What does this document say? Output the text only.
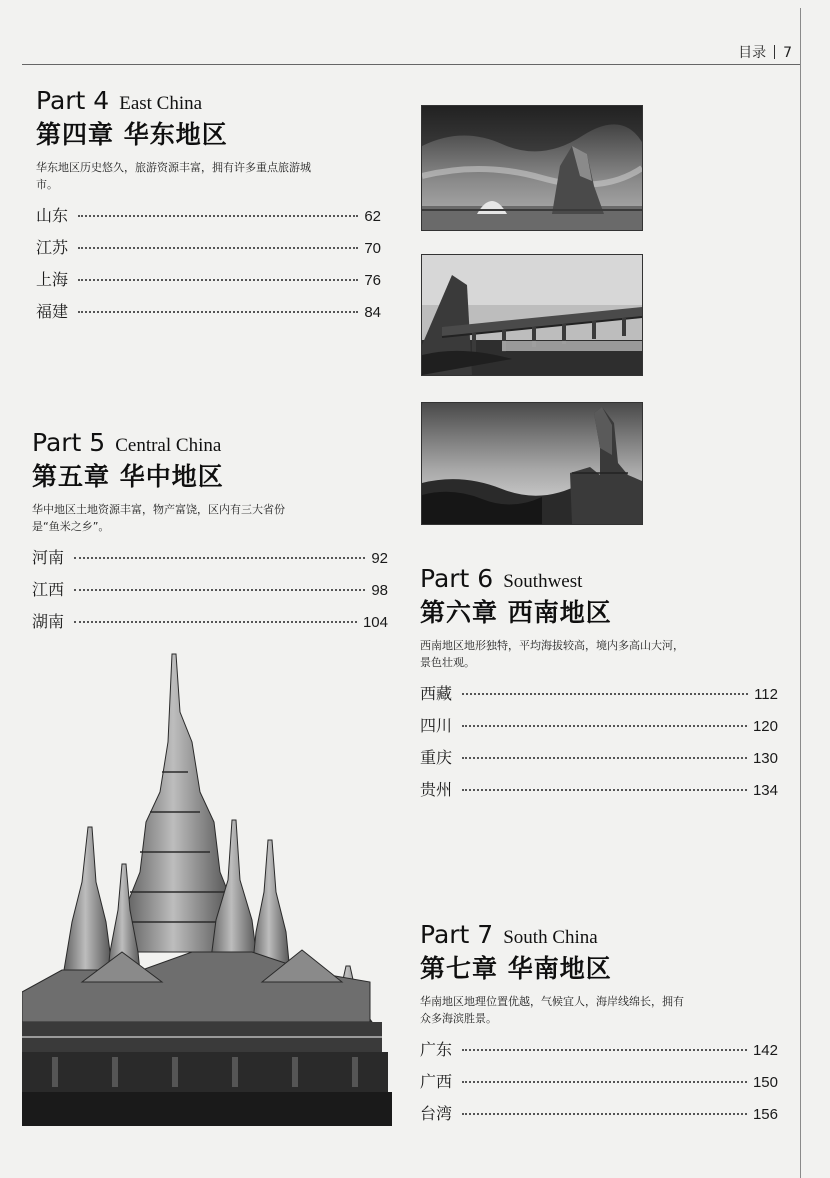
目录 7
Part 4 East China
第四章 华东地区
华东地区历史悠久，旅游资源丰富，拥有许多重点旅游城市。
山东	62
江苏	70
上海	76
福建	84
Part 5 Central China
第五章 华中地区
华中地区土地资源丰富，物产富饶，区内有三大省份是“鱼米之乡”。
河南	92
江西	98
湖南	104
Part 6 Southwest
第六章 西南地区
西南地区地形独特，平均海拔较高，境内多高山大河，景色壮观。
西藏	112
四川	120
重庆	130
贵州	134
Part 7 South China
第七章 华南地区
华南地区地理位置优越，气候宜人，海岸线绵长，拥有众多海滨胜景。
广东	142
广西	150
台湾	156
